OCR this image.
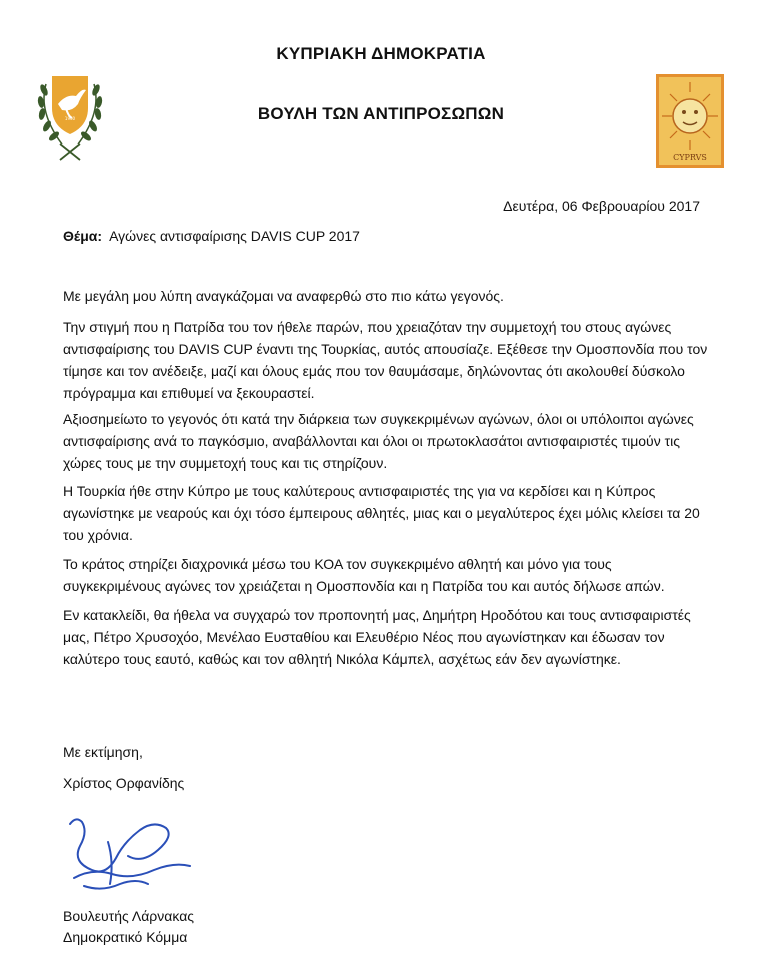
ΚΥΠΡΙΑΚΗ ΔΗΜΟΚΡΑΤΙΑ
ΒΟΥΛΗ ΤΩΝ ΑΝΤΙΠΡΟΣΩΠΩΝ
1960
CYPRVS
Δευτέρα, 06 Φεβρουαρίου 2017
Θέμα: Αγώνες αντισφαίρισης DAVIS CUP 2017
Με μεγάλη μου λύπη αναγκάζομαι να αναφερθώ στο πιο κάτω γεγονός.
Την στιγμή που η Πατρίδα του τον ήθελε παρών, που χρειαζόταν την συμμετοχή του στους αγώνες αντισφαίρισης του DAVIS CUP έναντι της Τουρκίας, αυτός απουσίαζε. Εξέθεσε την Ομοσπονδία που τον τίμησε και τον ανέδειξε, μαζί και όλους εμάς που τον θαυμάσαμε, δηλώνοντας ότι ακολουθεί δύσκολο πρόγραμμα και επιθυμεί να ξεκουραστεί.
Αξιοσημείωτο το γεγονός ότι κατά την διάρκεια των συγκεκριμένων αγώνων, όλοι οι υπόλοιποι αγώνες αντισφαίρισης ανά το παγκόσμιο, αναβάλλονται και όλοι οι πρωτοκλασάτοι αντισφαιριστές τιμούν τις χώρες τους με την συμμετοχή τους και τις στηρίζουν.
Η Τουρκία ήθε στην Κύπρο με τους καλύτερους αντισφαιριστές της για να κερδίσει και η Κύπρος αγωνίστηκε με νεαρούς και όχι τόσο έμπειρους αθλητές, μιας και ο μεγαλύτερος έχει μόλις κλείσει τα 20 του χρόνια.
Το κράτος στηρίζει διαχρονικά μέσω του ΚΟΑ τον συγκεκριμένο αθλητή και μόνο για τους συγκεκριμένους αγώνες τον χρειάζεται η Ομοσπονδία και η Πατρίδα του και αυτός δήλωσε απών.
Εν κατακλείδι, θα ήθελα να συγχαρώ τον προπονητή μας, Δημήτρη Ηροδότου και τους αντισφαιριστές μας, Πέτρο Χρυσοχόο, Μενέλαο Ευσταθίου και Ελευθέριο Νέος που αγωνίστηκαν και έδωσαν τον καλύτερο τους εαυτό, καθώς και τον αθλητή Νικόλα Κάμπελ, ασχέτως εάν δεν αγωνίστηκε.
Με εκτίμηση,
Χρίστος Ορφανίδης
Βουλευτής Λάρνακας
Δημοκρατικό Κόμμα
